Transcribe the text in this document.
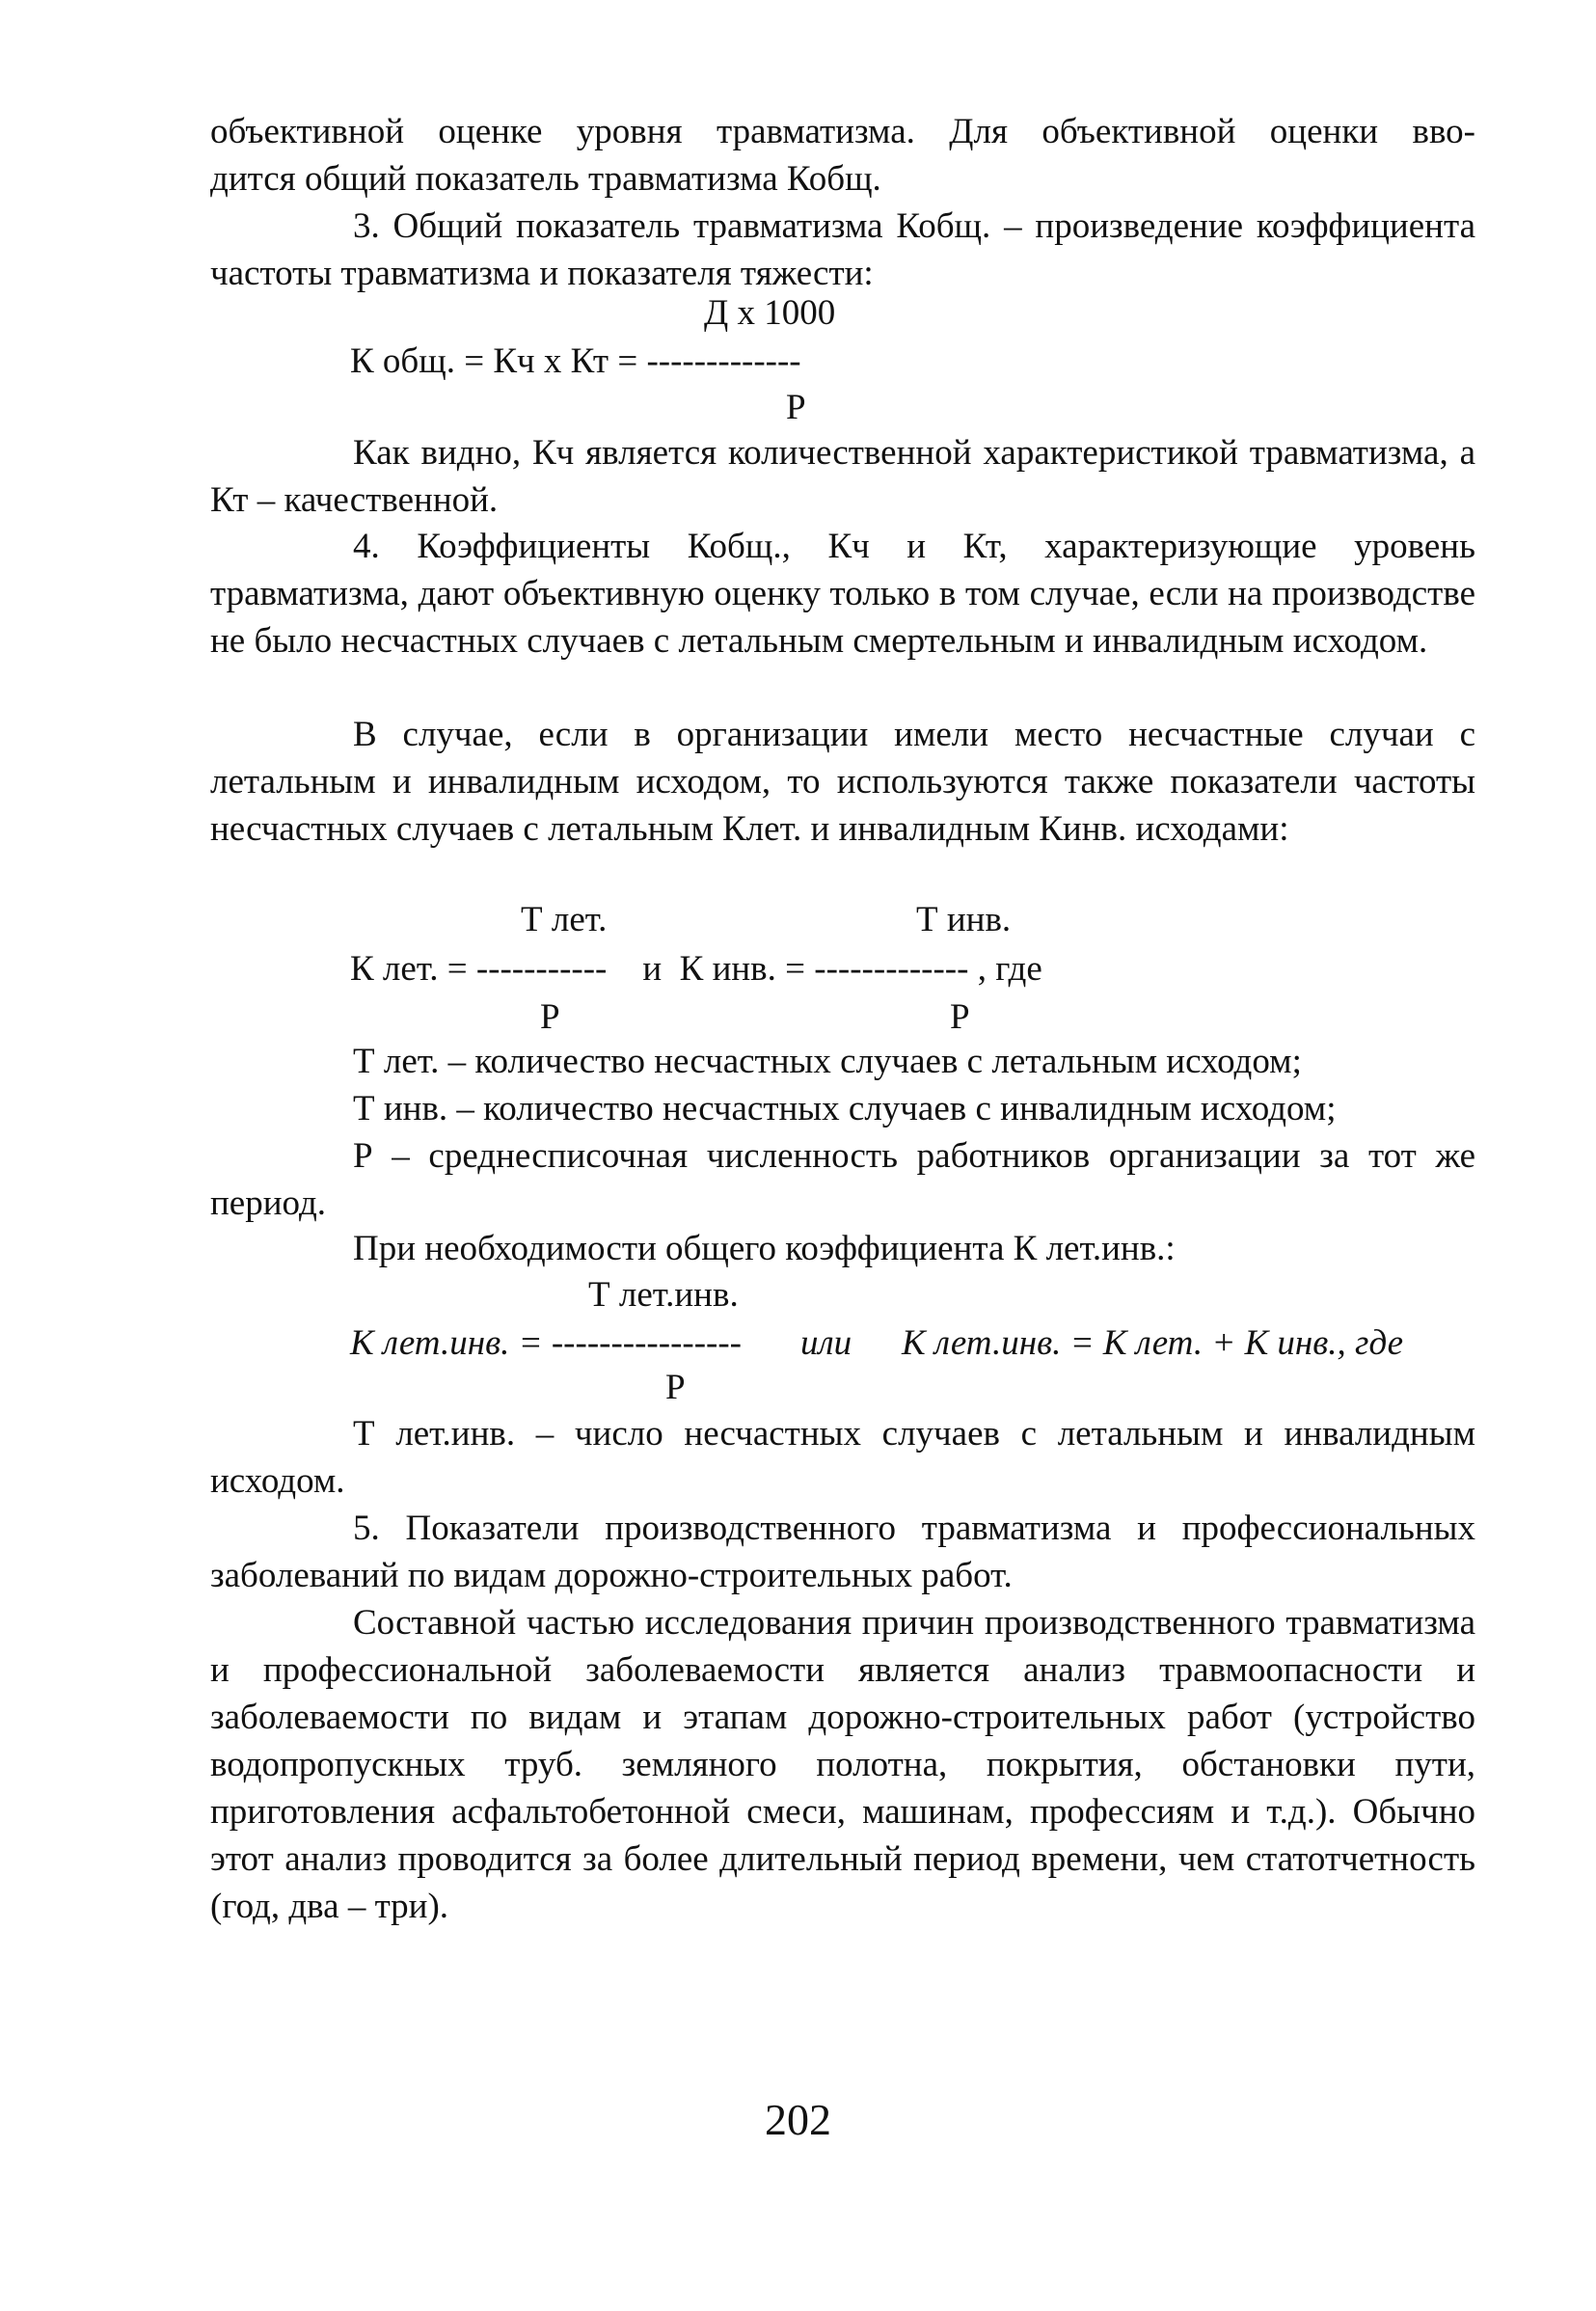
объективной оценке уровня травматизма. Для объективной оценки вво-

дится общий показатель травматизма Кобщ.

3. Общий показатель травматизма Кобщ. – произведение коэффициента частоты травматизма и показателя тяжести:

Д х 1000
К общ. = Кч х Кт = -------------
Р

Как видно, Кч является количественной характеристикой травматизма, а Кт – качественной.

4. Коэффициенты Кобщ., Кч и Кт, характеризующие уровень травматизма, дают объективную оценку только в том случае, если на производстве не было несчастных случаев с летальным смертельным и инвалидным исходом.

В случае, если в организации имели место несчастные случаи с летальным и инвалидным исходом, то используются также показатели частоты несчастных случаев с летальным Клет. и инвалидным Кинв. исходами:

Т лет.	Т инв.
К лет. = -----------    и  К инв. = ------------- , где
Р	Р

Т лет. – количество несчастных случаев с летальным исходом;

Т инв. – количество несчастных случаев с инвалидным исходом;

Р – среднесписочная численность работников организации за тот же период.

При необходимости общего коэффициента К лет.инв.:

Т лет.инв.
К лет.инв. = ---------------- или К лет.инв. = К лет. + К инв., где
Р

Т лет.инв. – число несчастных случаев с летальным и инвалидным исходом.

5. Показатели производственного травматизма и профессиональных заболеваний по видам дорожно-строительных работ.

Составной частью исследования причин производственного травматизма и профессиональной заболеваемости является анализ травмоопасности и заболеваемости по видам и этапам дорожно-строительных работ (устройство водопропускных труб. земляного полотна, покрытия, обстановки пути, приготовления асфальтобетонной смеси, машинам, профессиям и т.д.). Обычно этот анализ проводится за более длительный период времени, чем статотчетность (год, два – три).

202
